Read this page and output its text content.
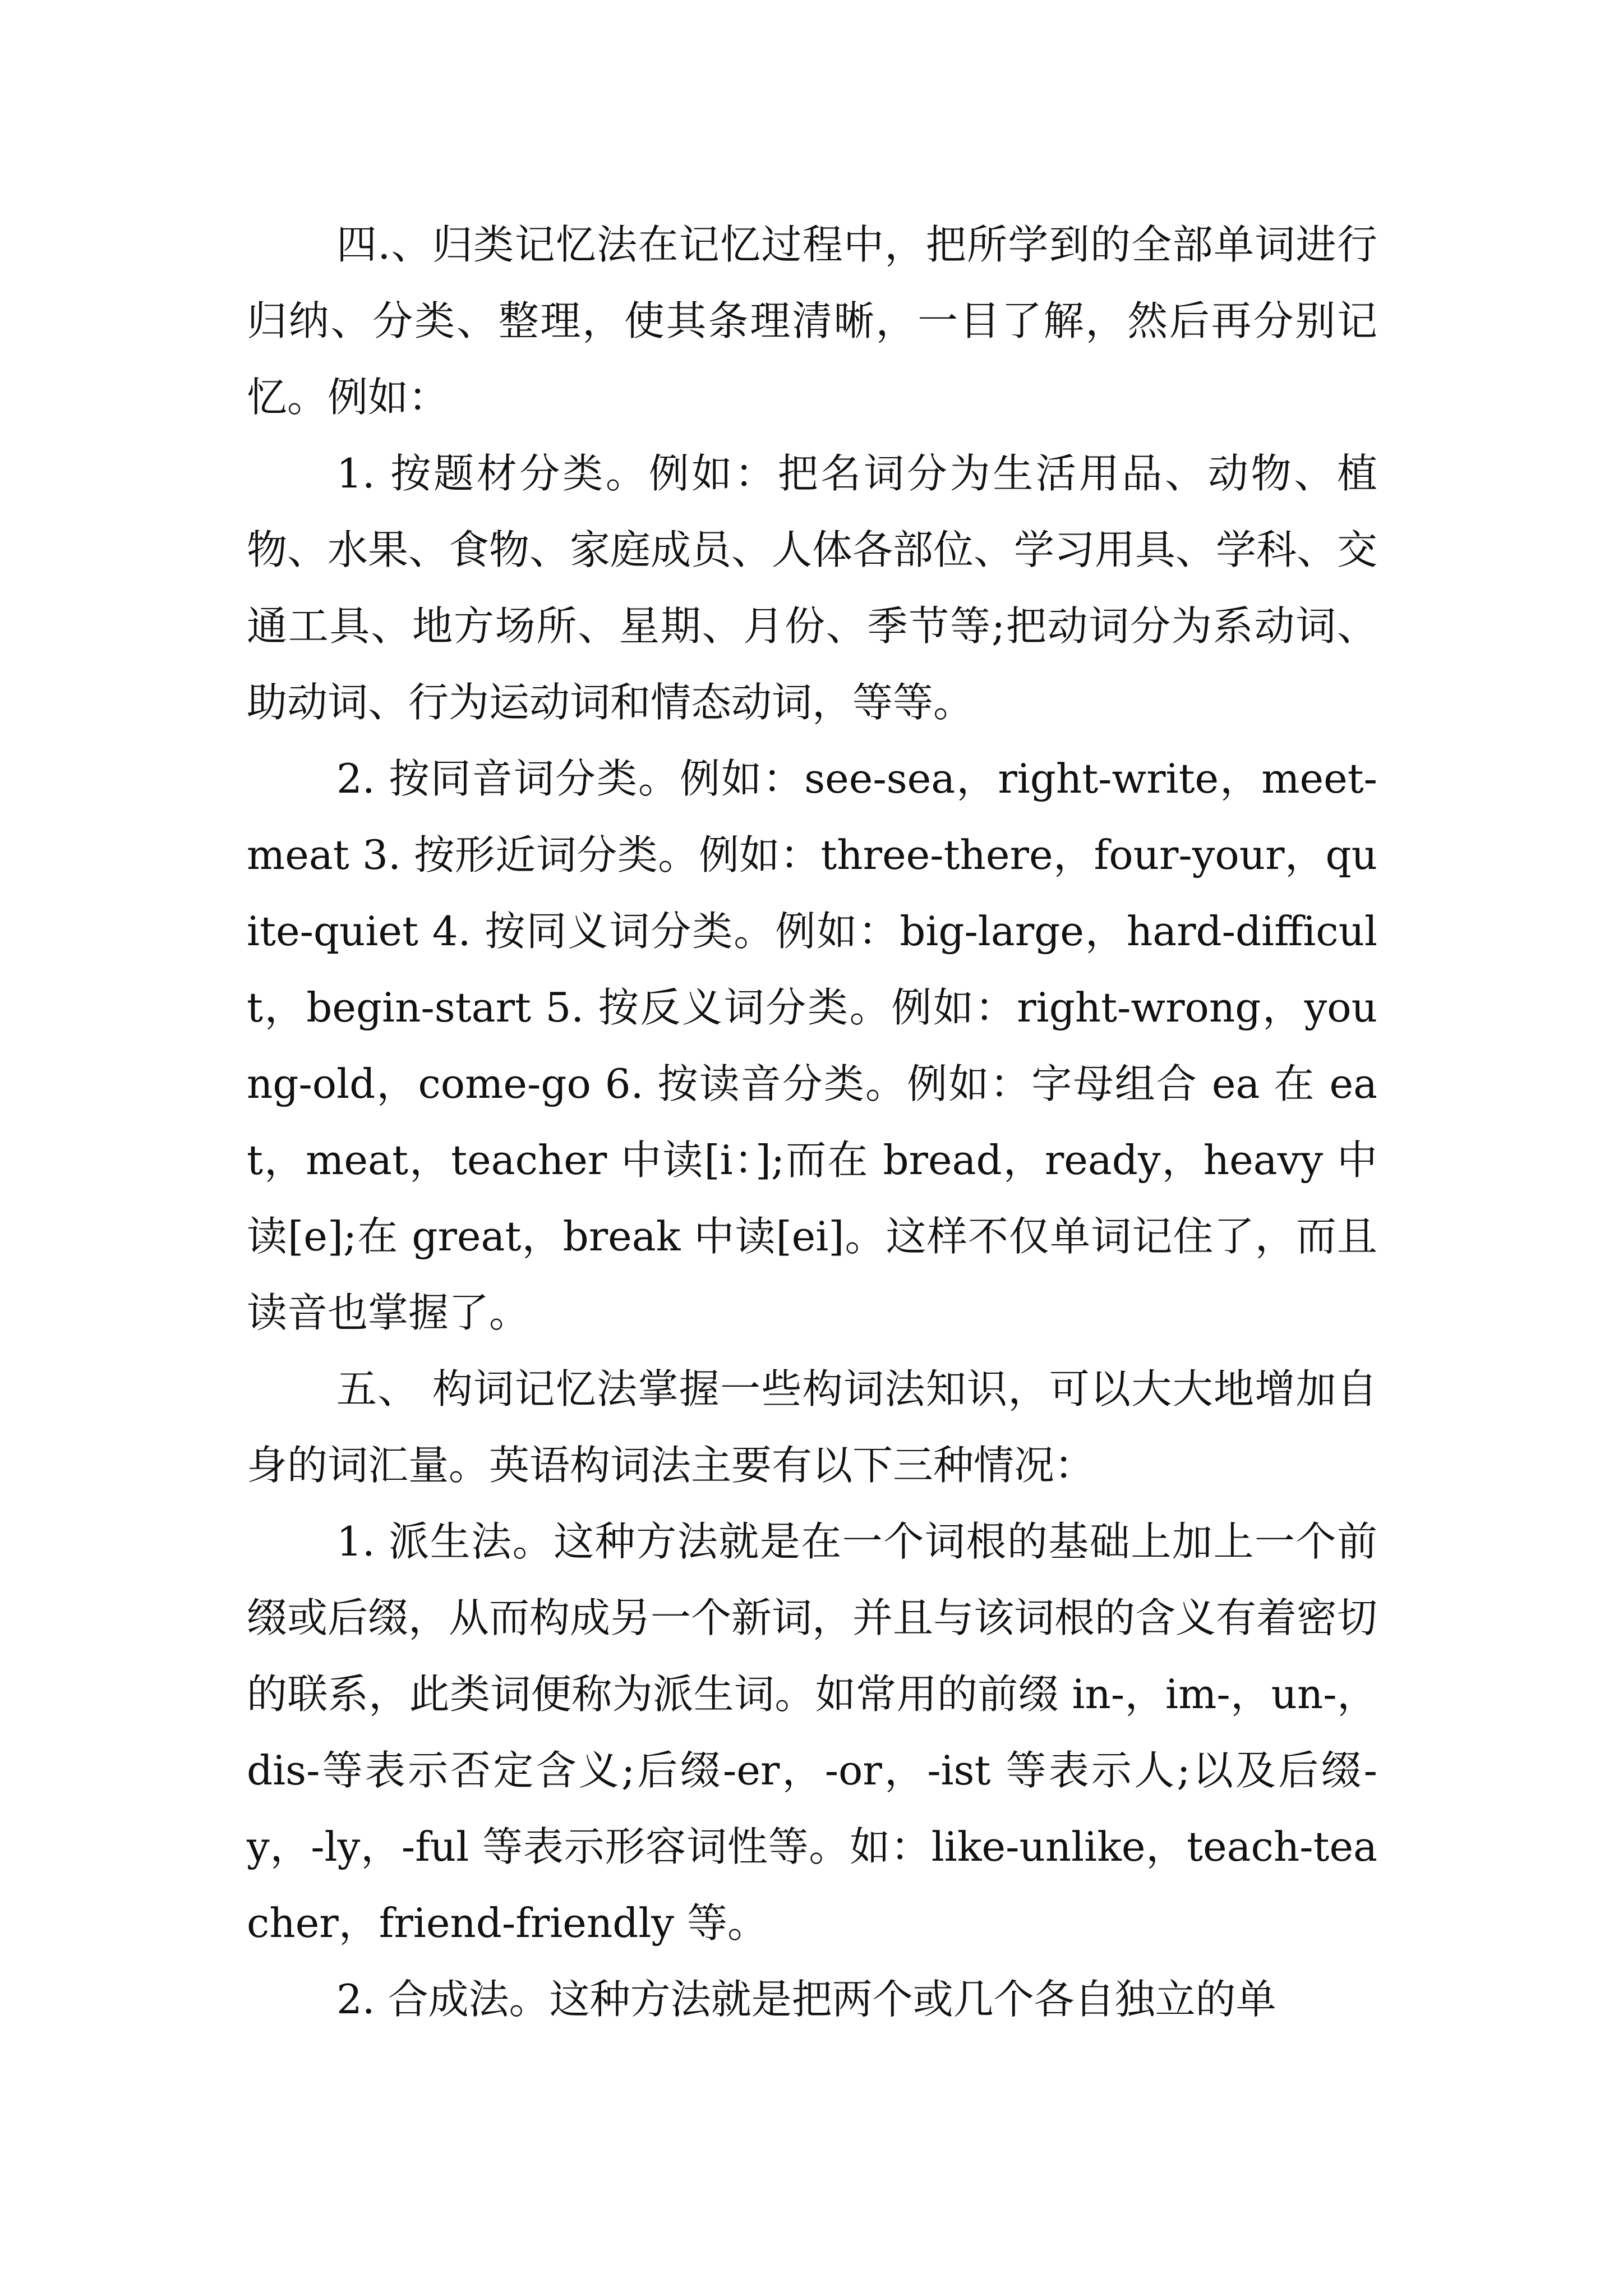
四.、归类记忆法在记忆过程中，把所学到的全部单词进行归纳、分类、整理，使其条理清晰，一目了解，然后再分别记忆。例如：

1. 按题材分类。例如：把名词分为生活用品、动物、植物、水果、食物、家庭成员、人体各部位、学习用具、学科、交通工具、地方场所、星期、月份、季节等;把动词分为系动词、助动词、行为运动词和情态动词，等等。

2. 按同音词分类。例如：see-sea，right-write，meet-meat 3. 按形近词分类。例如：three-there，four-your，quite-quiet 4. 按同义词分类。例如：big-large，hard-difficult，begin-start 5. 按反义词分类。例如：right-wrong，young-old，come-go 6. 按读音分类。例如：字母组合 ea 在 eat，meat，teacher 中读[i：];而在 bread，ready，heavy 中读[e];在 great，break 中读[ei]。这样不仅单词记住了，而且读音也掌握了。

五、 构词记忆法掌握一些构词法知识，可以大大地增加自身的词汇量。英语构词法主要有以下三种情况：

1. 派生法。这种方法就是在一个词根的基础上加上一个前缀或后缀，从而构成另一个新词，并且与该词根的含义有着密切的联系，此类词便称为派生词。如常用的前缀 in-，im-，un-，dis-等表示否定含义;后缀-er，-or，-ist 等表示人;以及后缀-y，-ly，-ful 等表示形容词性等。如：like-unlike，teach-teacher，friend-friendly 等。

2. 合成法。这种方法就是把两个或几个各自独立的单
